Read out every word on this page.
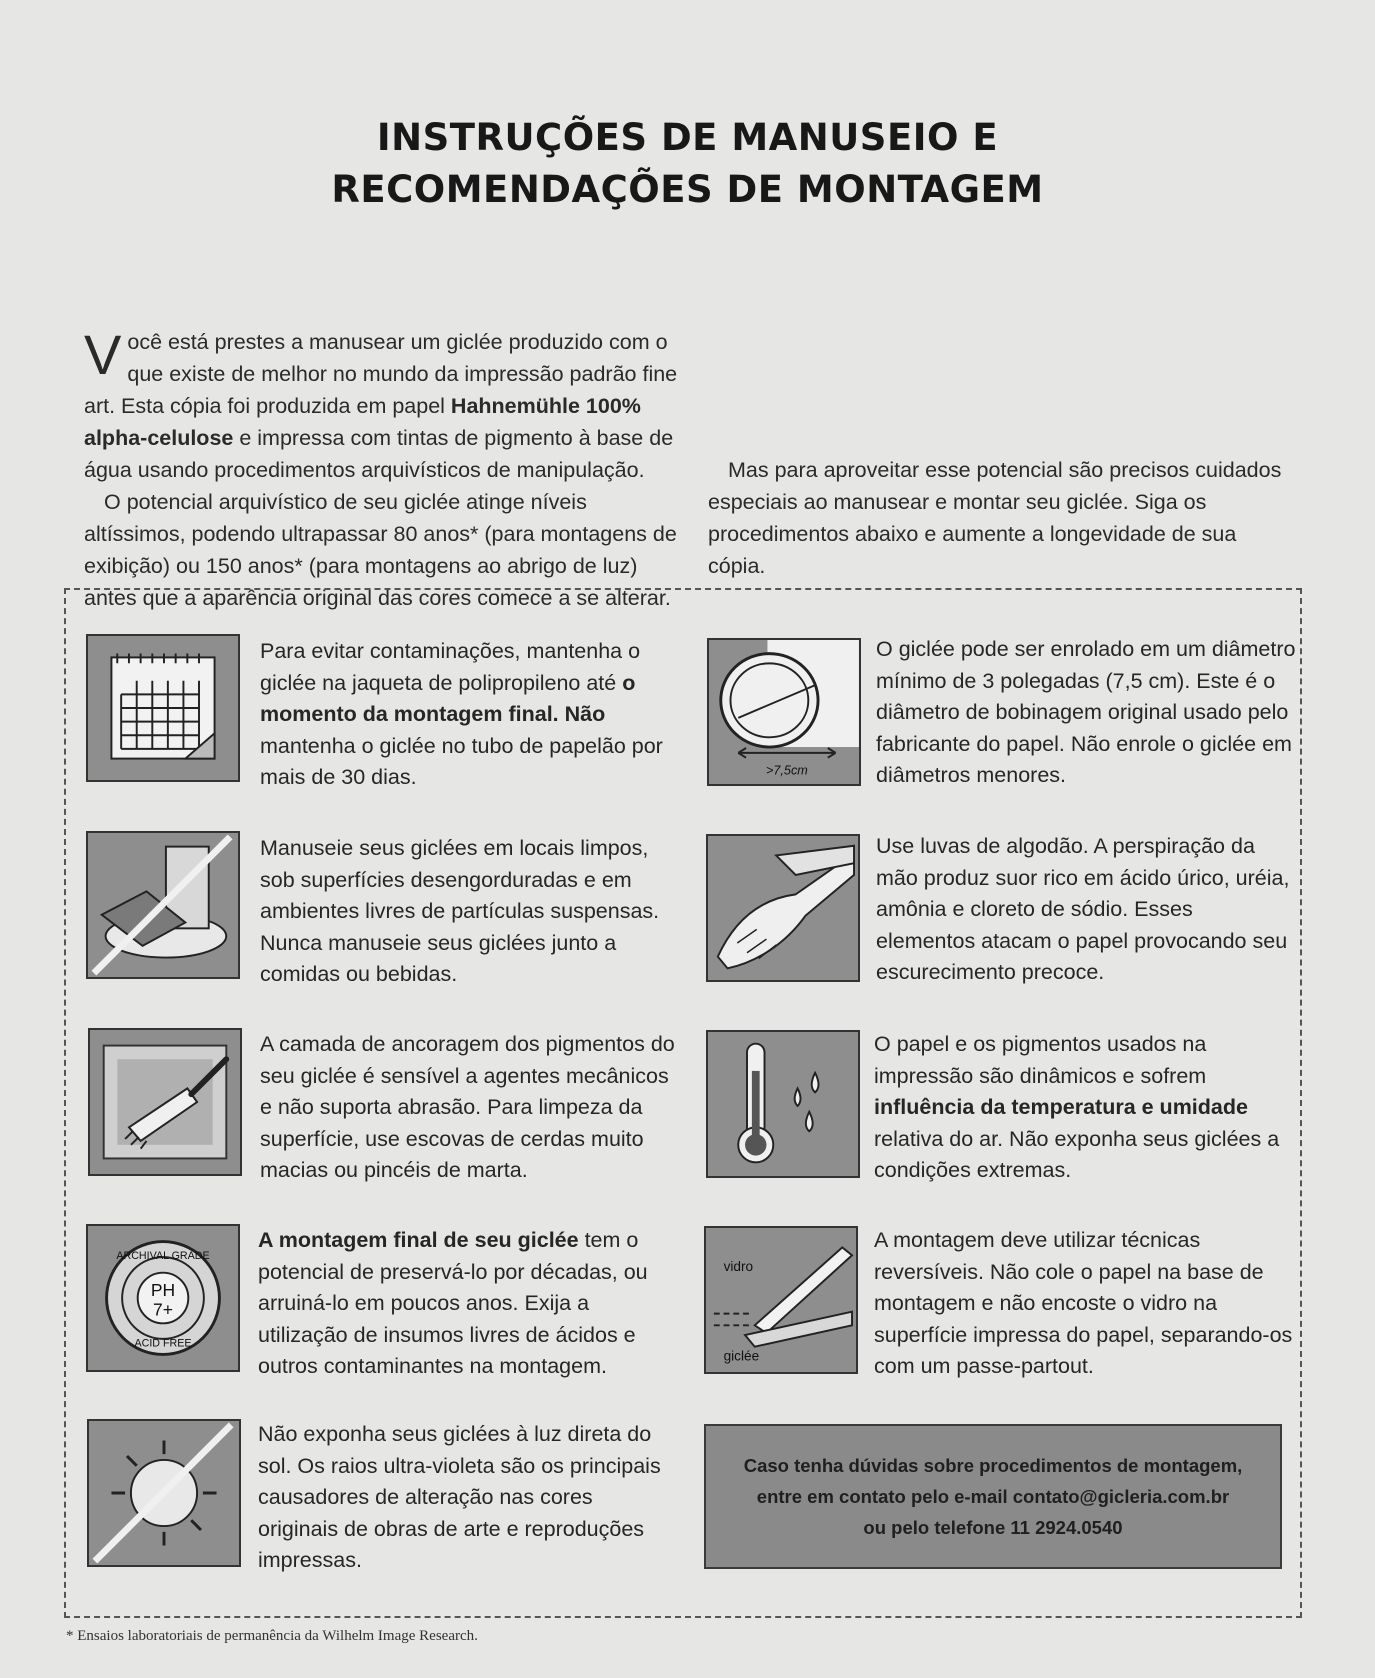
INSTRUÇÕES DE MANUSEIO E
RECOMENDAÇÕES DE MONTAGEM

Você está prestes a manusear um giclée produzido com o que existe de melhor no mundo da impressão padrão fine art. Esta cópia foi produzida em papel Hahnemühle 100% alpha-celulose e impressa com tintas de pigmento à base de água usando procedimentos arquivísticos de manipulação.

O potencial arquivístico de seu giclée atinge níveis altíssimos, podendo ultrapassar 80 anos* (para montagens de exibição) ou 150 anos* (para montagens ao abrigo de luz) antes que a aparência original das cores comece a se alterar.

Mas para aproveitar esse potencial são precisos cuidados especiais ao manusear e montar seu giclée. Siga os procedimentos abaixo e aumente a longevidade de sua cópia.

Para evitar contaminações, mantenha o giclée na jaqueta de polipropileno até o momento da montagem final. Não mantenha o giclée no tubo de papelão por mais de 30 dias.	>7,5cm
O giclée pode ser enrolado em um diâmetro mínimo de 3 polegadas (7,5 cm). Este é o diâmetro de bobinagem original usado pelo fabricante do papel. Não enrole o giclée em diâmetros menores.
Manuseie seus giclées em locais limpos, sob superfícies desengorduradas e em ambientes livres de partículas suspensas. Nunca manuseie seus giclées junto a comidas ou bebidas.
Use luvas de algodão. A perspiração da mão produz suor rico em ácido úrico, uréia, amônia e cloreto de sódio. Esses elementos atacam o papel provocando seu escurecimento precoce.
A camada de ancoragem dos pigmentos do seu giclée é sensível a agentes mecânicos e não suporta abrasão. Para limpeza da superfície, use escovas de cerdas muito macias ou pincéis de marta.
O papel e os pigmentos usados na impressão são dinâmicos e sofrem influência da temperatura e umidade relativa do ar. Não exponha seus giclées a condições extremas.
PH
7+
ARCHIVAL GRADE
ACID FREE
A montagem final de seu giclée tem o potencial de preservá-lo por décadas, ou arruiná-lo em poucos anos. Exija a utilização de insumos livres de ácidos e outros contaminantes na montagem.
vidro
giclée
A montagem deve utilizar técnicas reversíveis. Não cole o papel na base de montagem e não encoste o vidro na superfície impressa do papel, separando-os com um passe-partout.
Não exponha seus giclées à luz direta do sol. Os raios ultra-violeta são os principais causadores de alteração nas cores originais de obras de arte e reproduções impressas.
Caso tenha dúvidas sobre procedimentos de montagem,
entre em contato pelo e-mail contato@gicleria.com.br
ou pelo telefone 11 2924.0540
* Ensaios laboratoriais de permanência da Wilhelm Image Research.
